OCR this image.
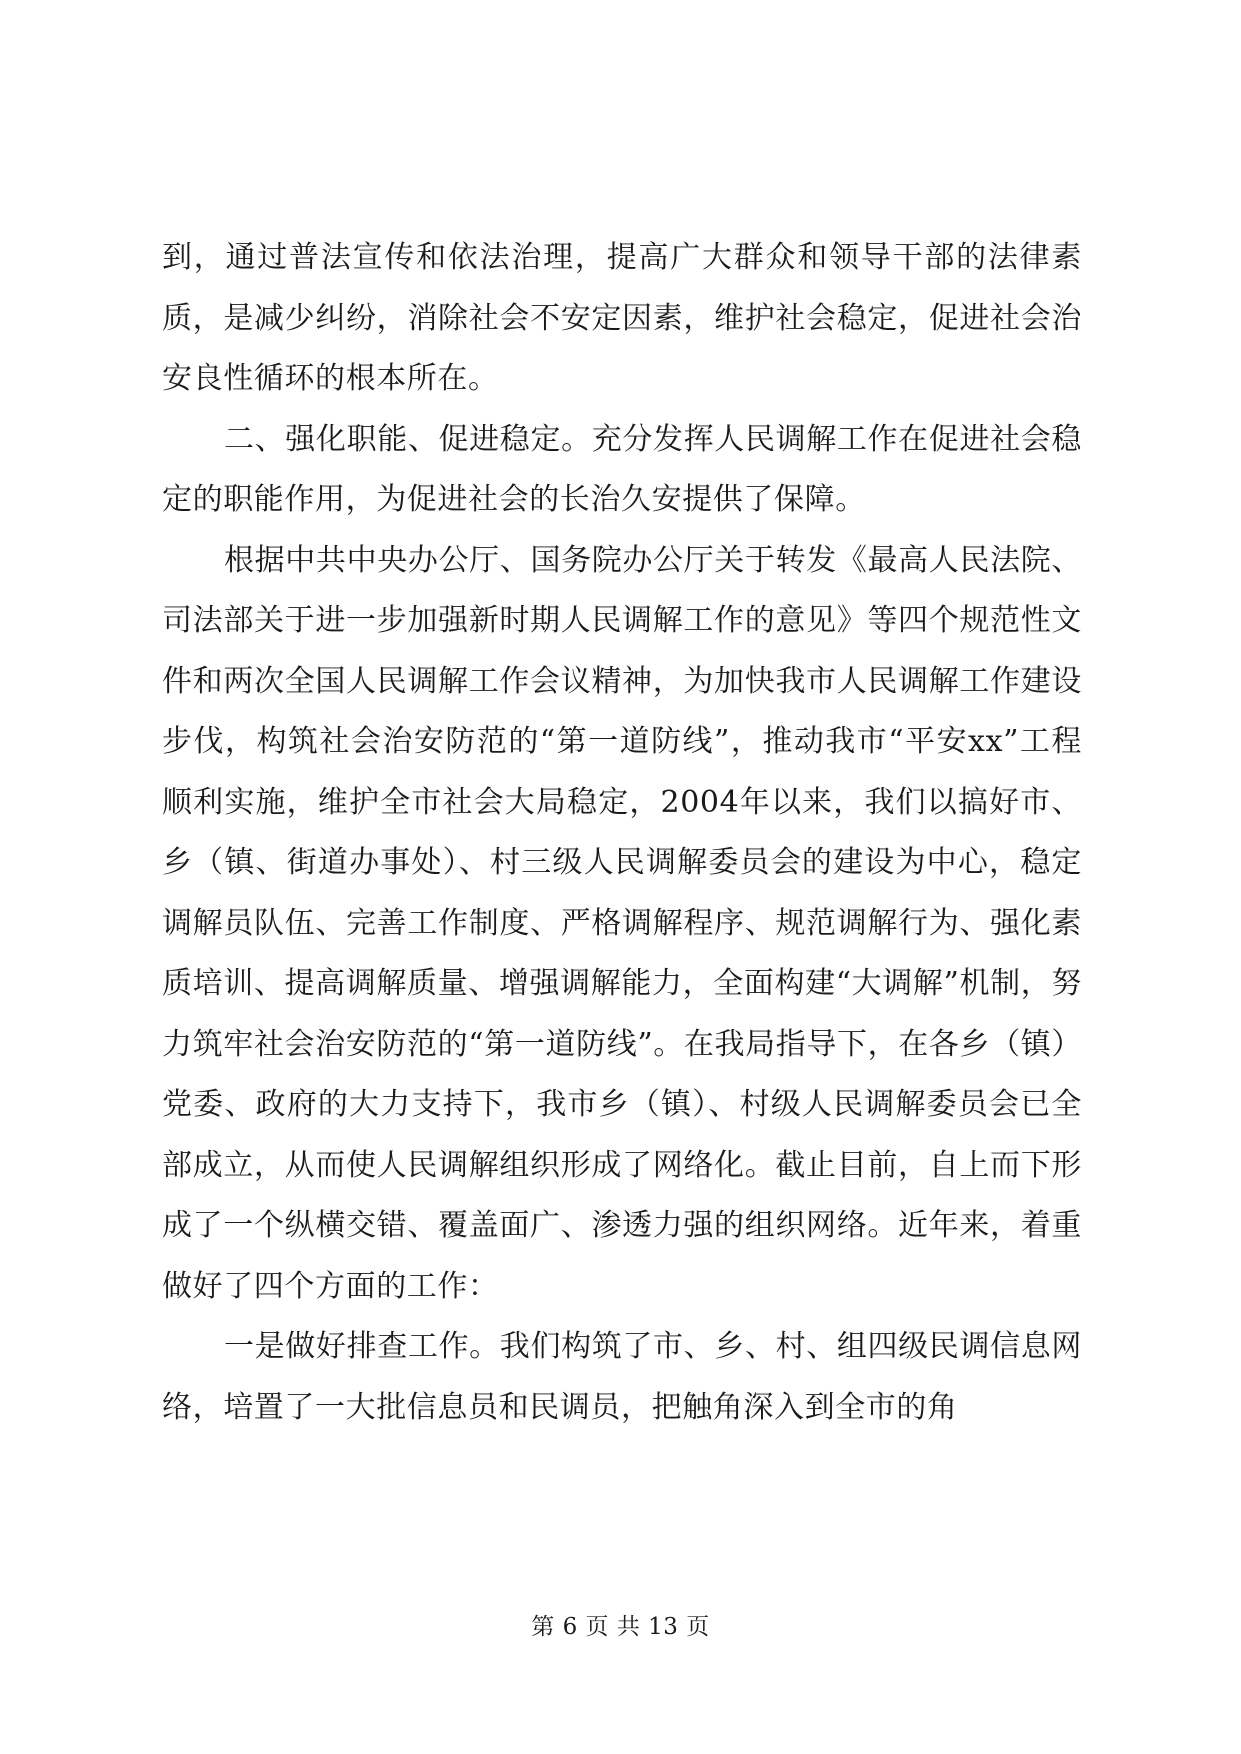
到，通过普法宣传和依法治理，提高广大群众和领导干部的法律素质，是减少纠纷，消除社会不安定因素，维护社会稳定，促进社会治安良性循环的根本所在。

二、强化职能、促进稳定。充分发挥人民调解工作在促进社会稳定的职能作用，为促进社会的长治久安提供了保障。

根据中共中央办公厅、国务院办公厅关于转发《最高人民法院、司法部关于进一步加强新时期人民调解工作的意见》等四个规范性文件和两次全国人民调解工作会议精神，为加快我市人民调解工作建设步伐，构筑社会治安防范的“第一道防线”，推动我市“平安xx”工程顺利实施，维护全市社会大局稳定，2004年以来，我们以搞好市、乡（镇、街道办事处）、村三级人民调解委员会的建设为中心，稳定调解员队伍、完善工作制度、严格调解程序、规范调解行为、强化素质培训、提高调解质量、增强调解能力，全面构建“大调解”机制，努力筑牢社会治安防范的“第一道防线”。在我局指导下，在各乡（镇）党委、政府的大力支持下，我市乡（镇）、村级人民调解委员会已全部成立，从而使人民调解组织形成了网络化。截止目前，自上而下形成了一个纵横交错、覆盖面广、渗透力强的组织网络。近年来，着重做好了四个方面的工作：

一是做好排查工作。我们构筑了市、乡、村、组四级民调信息网络，培置了一大批信息员和民调员，把触角深入到全市的角

第 6 页 共 13 页
